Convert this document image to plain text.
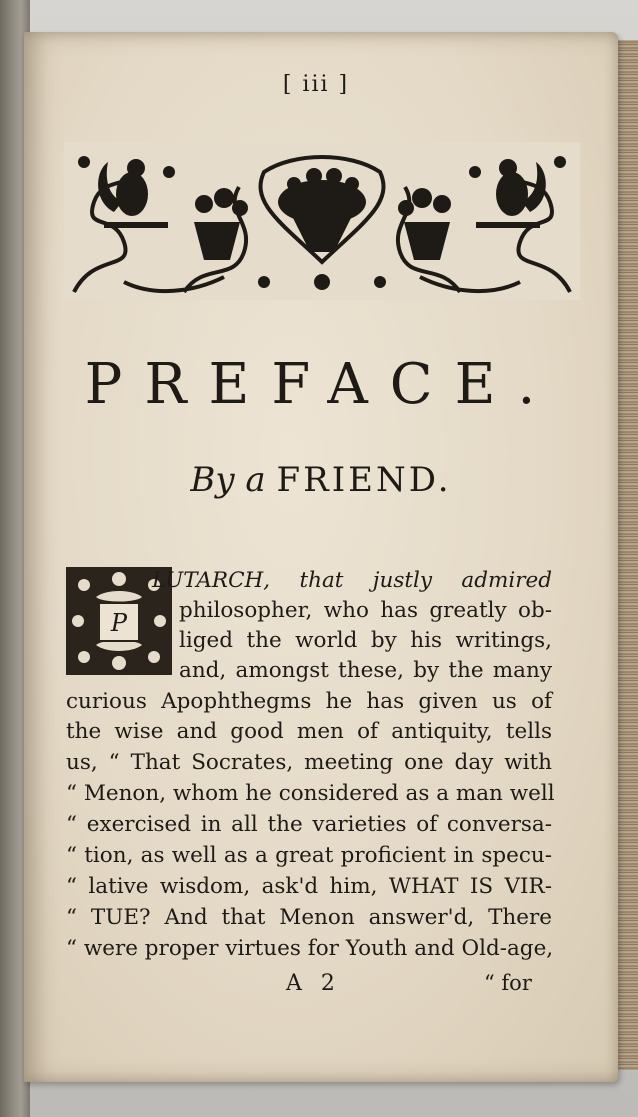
[ iii ]
PREFACE.
By a FRIEND.
P
LUTARCH, that justly admired
philosopher, who has greatly ob-
liged the world by his writings,
and, amongst these, by the many
curious Apophthegms he has given us of
the wise and good men of antiquity, tells
us, “ That Socrates, meeting one day with
“ Menon, whom he considered as a man well
“ exercised in all the varieties of conversa-
“ tion, as well as a great proficient in specu-
“ lative wisdom, ask'd him, WHAT IS VIR-
“ TUE? And that Menon answer'd, There
“ were proper virtues for Youth and Old-age,
A 2	“ for
